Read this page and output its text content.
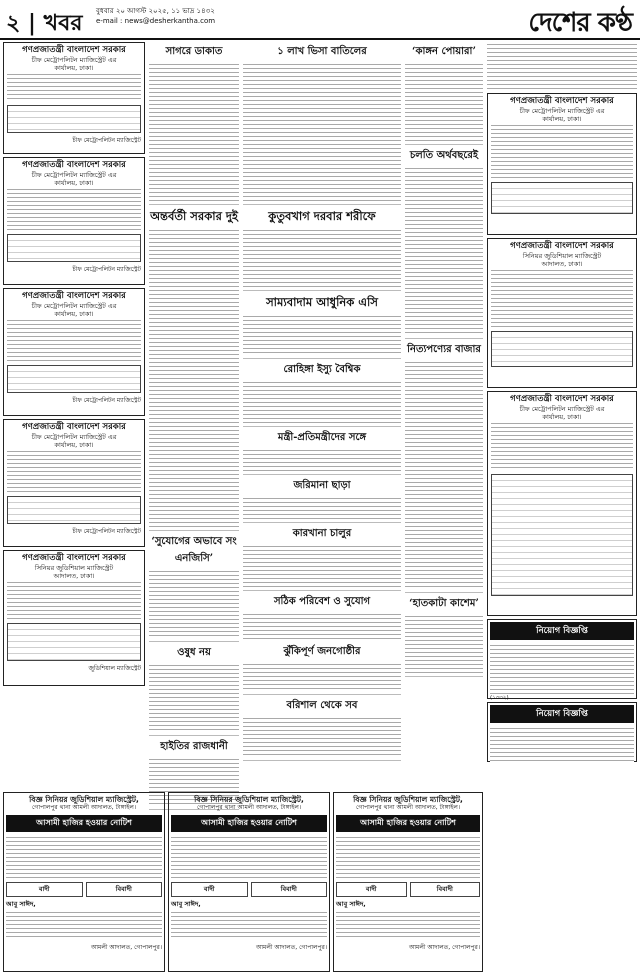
২ | খবর বুধবার ২০ আগস্ট ২০২৫, ১১ ভাদ্র ১৪৩২
e-mail : news@desherkantha.com	দেশের কণ্ঠ
গণপ্রজাতন্ত্রী বাংলাদেশ সরকার
চীফ মেট্রোপলিটন ম্যাজিস্ট্রেট এর
কার্যালয়, ঢাকা।
চীফ মেট্রোপলিটন ম্যাজিস্ট্রেট
গণপ্রজাতন্ত্রী বাংলাদেশ সরকার
চীফ মেট্রোপলিটন ম্যাজিস্ট্রেট এর
কার্যালয়, ঢাকা।
চীফ মেট্রোপলিটন ম্যাজিস্ট্রেট
গণপ্রজাতন্ত্রী বাংলাদেশ সরকার
চীফ মেট্রোপলিটন ম্যাজিস্ট্রেট এর
কার্যালয়, ঢাকা।
চীফ মেট্রোপলিটন ম্যাজিস্ট্রেট
গণপ্রজাতন্ত্রী বাংলাদেশ সরকার
চীফ মেট্রোপলিটন ম্যাজিস্ট্রেট এর
কার্যালয়, ঢাকা।
চীফ মেট্রোপলিটন ম্যাজিস্ট্রেট
গণপ্রজাতন্ত্রী বাংলাদেশ সরকার
সিনিয়র জুডিশিয়াল ম্যাজিস্ট্রেট
আদালত, ঢাকা।
জুডিশিয়াল ম্যাজিস্ট্রেট
সাগরে ডাকাত
অন্তর্বর্তী সরকার দুই
‘সুযোগের অভাবে সং এনজিসি’
ওষুধ নয়
হাইতির রাজধানী
১ লাখ ভিসা বাতিলের
কুতুবখাগ দরবার শরীফে
সাম্যবাদাম আধুনিক এসি
রোহিঙ্গা ইস্যু বৈশ্বিক
মন্ত্রী-প্রতিমন্ত্রীদের সঙ্গে
জরিমানা ছাড়া
কারখানা চালুর
সঠিক পরিবেশ ও সুযোগ
ঝুঁকিপূর্ণ জনগোষ্ঠীর
বরিশাল থেকে সব
‘কাঙ্গন পোয়ারা’
চলতি অর্থবছরেই
নিত্যপণ্যের বাজার
‘হাতকাটা কাশেম’
গণপ্রজাতন্ত্রী বাংলাদেশ সরকার
চীফ মেট্রোপলিটন ম্যাজিস্ট্রেট এর
কার্যালয়, ঢাকা।
গণপ্রজাতন্ত্রী বাংলাদেশ সরকার
সিনিয়র জুডিশিয়াল ম্যাজিস্ট্রেট
আদালত, ঢাকা।
গণপ্রজাতন্ত্রী বাংলাদেশ সরকার
চীফ মেট্রোপলিটন ম্যাজিস্ট্রেট এর
কার্যালয়, ঢাকা।
নিয়োগ বিজ্ঞপ্তি
(১৩৩২)
নিয়োগ বিজ্ঞপ্তি
বিজ্ঞ সিনিয়র জুডিশিয়াল ম্যাজিস্ট্রেট,
গোপালপুর থানা আমলী আদালত, টাঙ্গাইল।
আসামী হাজির হওয়ার নোটিশ
বাদী	বিবাদী
আবু সাঈদ,
আমলী আদালত, গোপালপুর।
বিজ্ঞ সিনিয়র জুডিশিয়াল ম্যাজিস্ট্রেট,
গোপালপুর থানা আমলী আদালত, টাঙ্গাইল।
আসামী হাজির হওয়ার নোটিশ
বাদী	বিবাদী
আবু সাঈদ,
আমলী আদালত, গোপালপুর।
বিজ্ঞ সিনিয়র জুডিশিয়াল ম্যাজিস্ট্রেট,
গোপালপুর থানা আমলী আদালত, টাঙ্গাইল।
আসামী হাজির হওয়ার নোটিশ
বাদী	বিবাদী
আবু সাঈদ,
আমলী আদালত, গোপালপুর।
